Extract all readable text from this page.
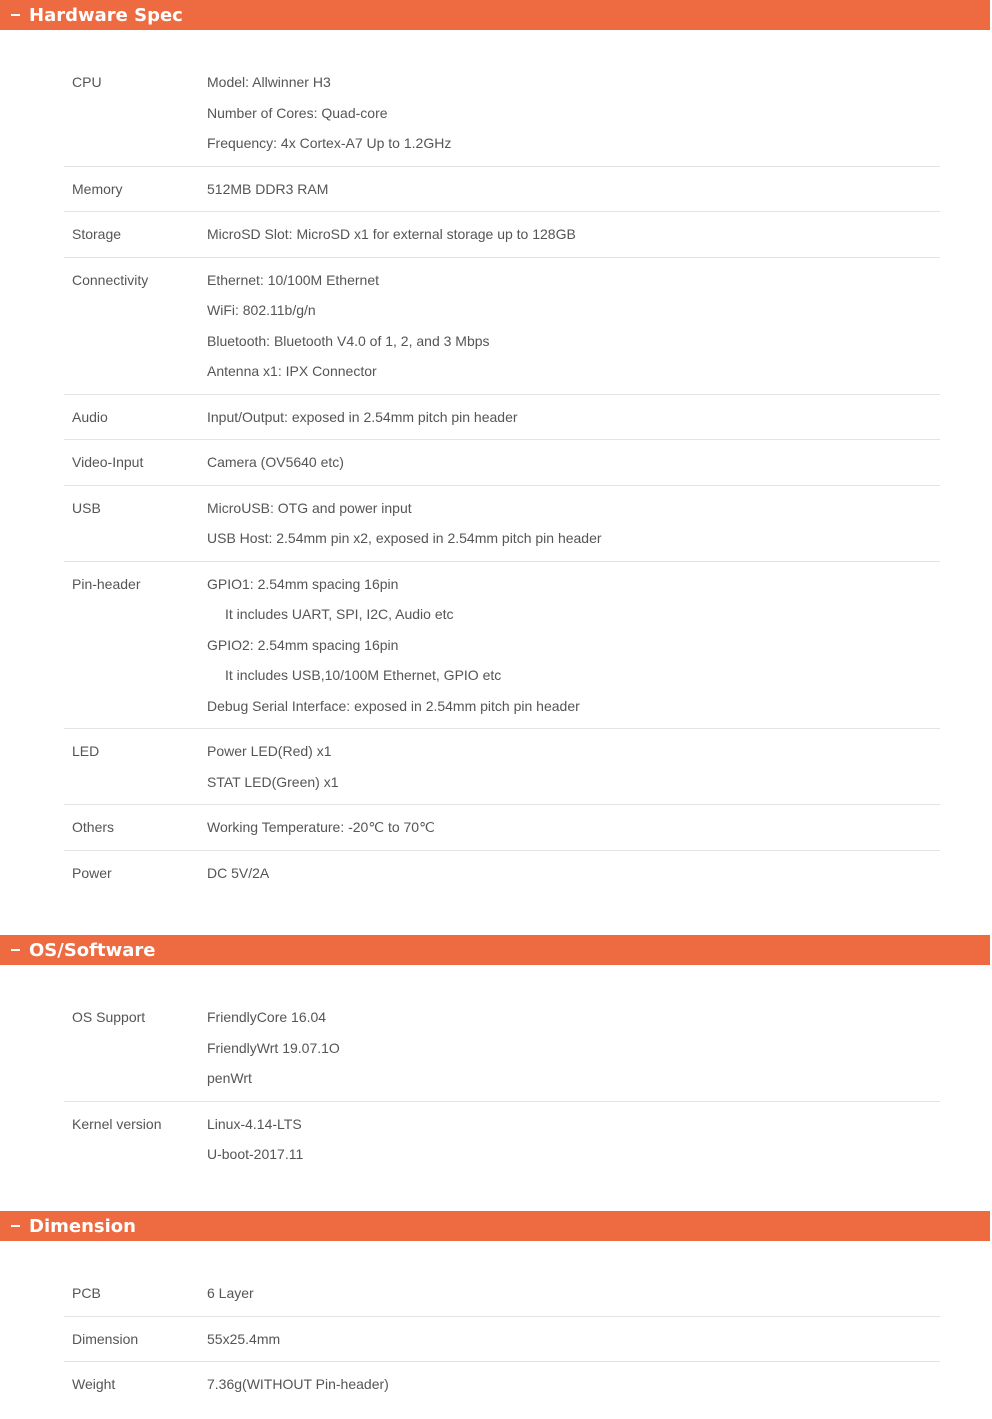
Hardware Spec
CPU	Model: Allwinner H3
Number of Cores: Quad-core
Frequency: 4x Cortex-A7 Up to 1.2GHz
Memory	512MB DDR3 RAM
Storage	MicroSD Slot: MicroSD x1 for external storage up to 128GB
Connectivity	Ethernet: 10/100M Ethernet
WiFi: 802.11b/g/n
Bluetooth: Bluetooth V4.0 of 1, 2, and 3 Mbps
Antenna x1: IPX Connector
Audio	Input/Output: exposed in 2.54mm pitch pin header
Video-Input	Camera (OV5640 etc)
USB	MicroUSB: OTG and power input
USB Host: 2.54mm pin x2, exposed in 2.54mm pitch pin header
Pin-header	GPIO1: 2.54mm spacing 16pin
It includes UART, SPI, I2C, Audio etc
GPIO2: 2.54mm spacing 16pin
It includes USB,10/100M Ethernet, GPIO etc
Debug Serial Interface: exposed in 2.54mm pitch pin header
LED	Power LED(Red) x1
STAT LED(Green) x1
Others	Working Temperature: -20℃ to 70℃
Power	DC 5V/2A
OS/Software
OS Support	FriendlyCore 16.04
FriendlyWrt 19.07.1O
penWrt
Kernel version	Linux-4.14-LTS
U-boot-2017.11
Dimension
PCB	6 Layer
Dimension	55x25.4mm
Weight	7.36g(WITHOUT Pin-header)
